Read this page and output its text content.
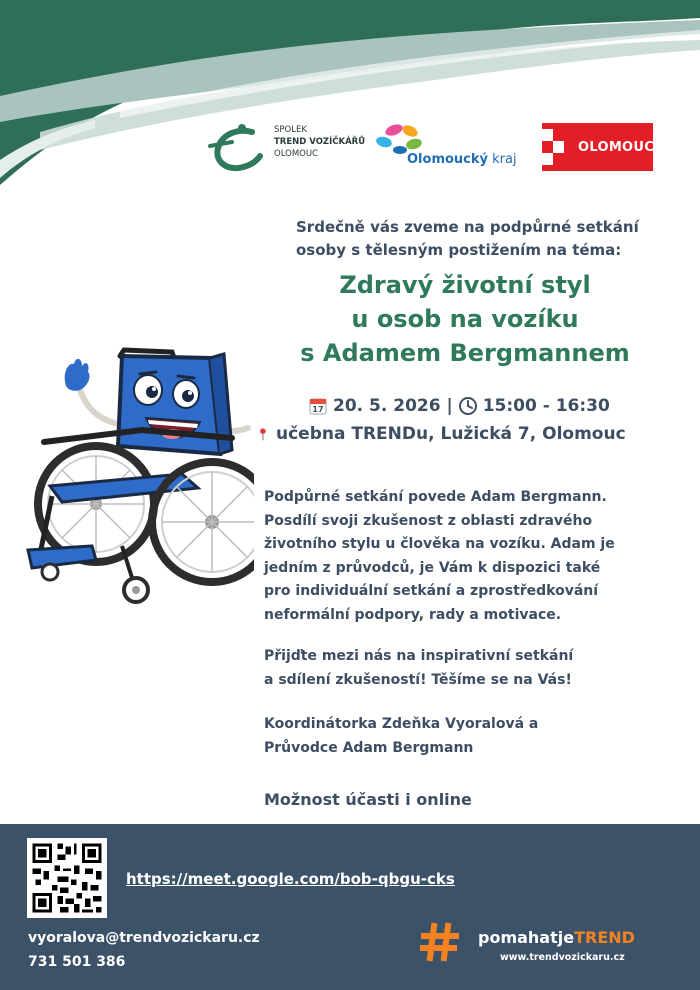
SPOLEK
TREND VOZÍČKÁŘŮ
OLOMOUC	Olomoucký kraj
OLOMOUC
Srdečně vás zveme na podpůrné setkání
osoby s tělesným postižením na téma:
Zdravý životní styl
u osob na vozíku
s Adamem Bergmannem
17 20. 5. 2026 | 15:00 - 16:30
učebna TRENDu, Lužická 7, Olomouc
Podpůrné setkání povede Adam Bergmann.
Posdílí svoji zkušenost z oblasti zdravého
životního stylu u člověka na vozíku. Adam je
jedním z průvodců, je Vám k dispozici také
pro individuální setkání a zprostředkování
neformální podpory, rady a motivace.
Přijďte mezi nás na inspirativní setkání
a sdílení zkušeností! Těšíme se na Vás!
Koordinátorka Zdeňka Vyoralová a
Průvodce Adam Bergmann
Možnost účasti i online
https://meet.google.com/bob-qbgu-cks
vyoralova@trendvozickaru.cz
731 501 386
pomahatjeTREND
www.trendvozickaru.cz
